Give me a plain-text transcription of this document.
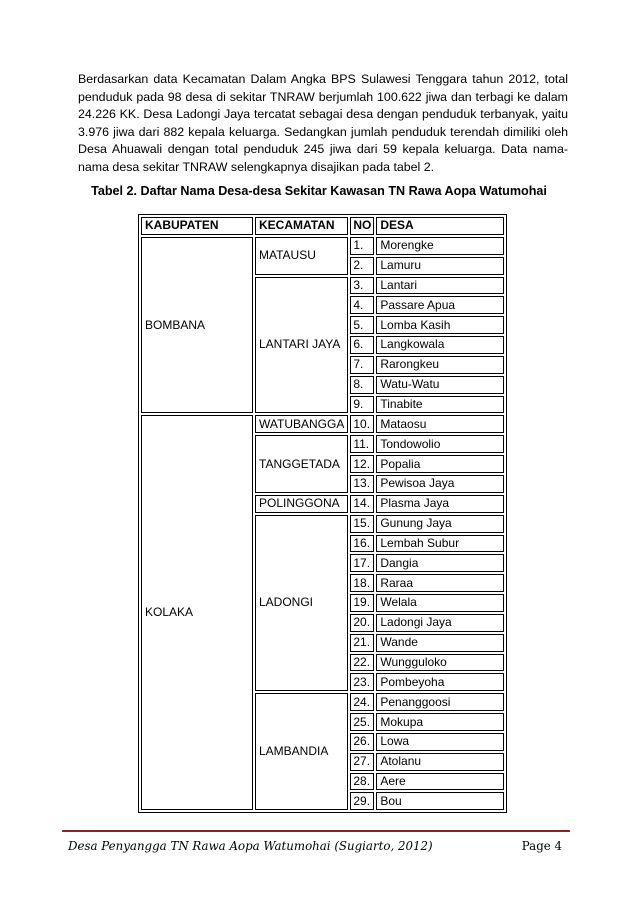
Berdasarkan data Kecamatan Dalam Angka BPS Sulawesi Tenggara tahun 2012, total penduduk pada 98 desa di sekitar TNRAW berjumlah 100.622 jiwa dan terbagi ke dalam 24.226 KK. Desa Ladongi Jaya tercatat sebagai desa dengan penduduk terbanyak, yaitu 3.976 jiwa dari 882 kepala keluarga. Sedangkan jumlah penduduk terendah dimiliki oleh Desa Ahuawali dengan total penduduk 245 jiwa dari 59 kepala keluarga. Data nama-nama desa sekitar TNRAW selengkapnya disajikan pada tabel 2.

Tabel 2. Daftar Nama Desa-desa Sekitar Kawasan TN Rawa Aopa Watumohai
KABUPATEN	KECAMATAN	NO	DESA
BOMBANA	MATAUSU	1.	Morengke
		2.	Lamuru
	LANTARI JAYA	3.	Lantari
		4.	Passare Apua
		5.	Lomba Kasih
		6.	Langkowala
		7.	Rarongkeu
		8.	Watu-Watu
		9.	Tinabite
KOLAKA	WATUBANGGA	10.	Mataosu
	TANGGETADA	11.	Tondowolio
		12.	Popalia
		13.	Pewisoa Jaya
	POLINGGONA	14.	Plasma Jaya
	LADONGI	15.	Gunung Jaya
		16.	Lembah Subur
		17.	Dangia
		18.	Raraa
		19.	Welala
		20.	Ladongi Jaya
		21.	Wande
		22.	Wungguloko
		23.	Pombeyoha
	LAMBANDIA	24.	Penanggoosi
		25.	Mokupa
		26.	Lowa
		27.	Atolanu
		28.	Aere
		29.	Bou
Desa Penyangga TN Rawa Aopa Watumohai (Sugiarto, 2012)	Page 4
